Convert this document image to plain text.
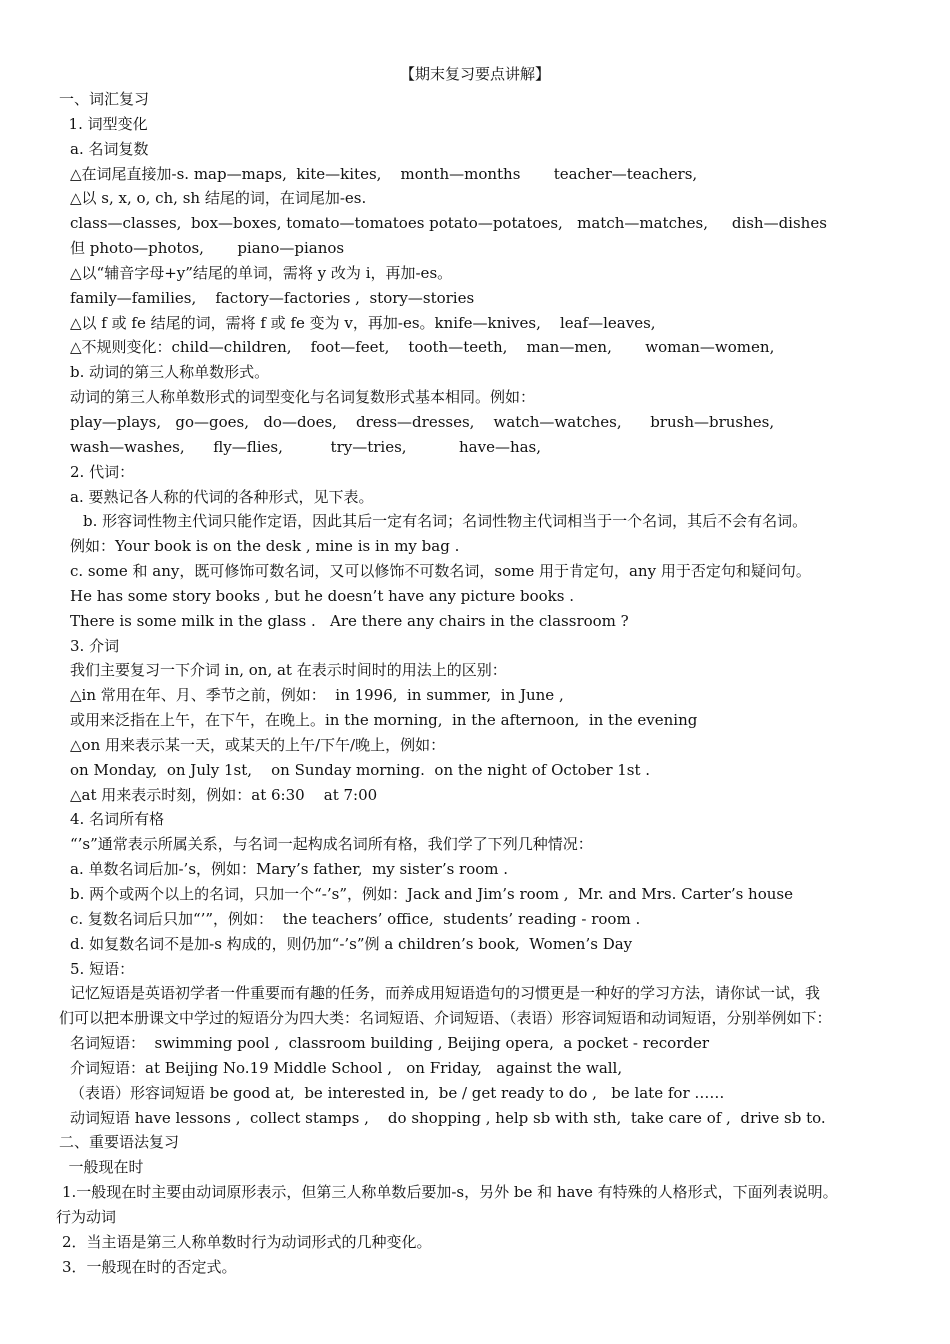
【期末复习要点讲解】
一、词汇复习
1. 词型变化
a. 名词复数
△在词尾直接加-s. map—maps,  kite—kites,    month—months       teacher—teachers,
△以 s, x, o, ch, sh 结尾的词，在词尾加-es.
class—classes,  box—boxes, tomato—tomatoes potato—potatoes,   match—matches,     dish—dishes
但 photo—photos,       piano—pianos
△以“辅音字母+y”结尾的单词，需将 y 改为 i，再加-es。
family—families,    factory—factories ,  story—stories
△以 f 或 fe 结尾的词，需将 f 或 fe 变为 v，再加-es。knife—knives,    leaf—leaves,
△不规则变化：child—children,    foot—feet,    tooth—teeth,    man—men,       woman—women,
b. 动词的第三人称单数形式。
动词的第三人称单数形式的词型变化与名词复数形式基本相同。例如：
play—plays,   go—goes,   do—does,    dress—dresses,    watch—watches,      brush—brushes,
wash—washes,      fly—flies,          try—tries,           have—has,
2. 代词：
a. 要熟记各人称的代词的各种形式，见下表。
b. 形容词性物主代词只能作定语，因此其后一定有名词；名词性物主代词相当于一个名词，其后不会有名词。
例如：Your book is on the desk , mine is in my bag .
c. some 和 any，既可修饰可数名词，又可以修饰不可数名词，some 用于肯定句，any 用于否定句和疑问句。
He has some story books , but he doesn’t have any picture books .
There is some milk in the glass .   Are there any chairs in the classroom ?
3. 介词
我们主要复习一下介词 in, on, at 在表示时间时的用法上的区别：
△in 常用在年、月、季节之前，例如：  in 1996,  in summer,  in June ,
或用来泛指在上午，在下午，在晚上。in the morning,  in the afternoon,  in the evening
△on 用来表示某一天，或某天的上午/下午/晚上，例如：
on Monday,  on July 1st,    on Sunday morning.  on the night of October 1st .
△at 用来表示时刻，例如：at 6:30    at 7:00
4. 名词所有格
“’s”通常表示所属关系，与名词一起构成名词所有格，我们学了下列几种情况：
a. 单数名词后加-’s，例如：Mary’s father,  my sister’s room .
b. 两个或两个以上的名词，只加一个“-’s”，例如：Jack and Jim’s room ,  Mr. and Mrs. Carter’s house
c. 复数名词后只加“’”，例如：  the teachers’ office,  students’ reading - room .
d. 如复数名词不是加-s 构成的，则仍加“-’s”例 a children’s book,  Women’s Day
5. 短语：
记忆短语是英语初学者一件重要而有趣的任务，而养成用短语造句的习惯更是一种好的学习方法，请你试一试，我
们可以把本册课文中学过的短语分为四大类：名词短语、介词短语、（表语）形容词短语和动词短语，分别举例如下：
名词短语：  swimming pool ,  classroom building , Beijing opera,  a pocket - recorder
介词短语：at Beijing No.19 Middle School ,   on Friday,   against the wall,
（表语）形容词短语 be good at,  be interested in,  be / get ready to do ,   be late for ……
动词短语 have lessons ,  collect stamps ,    do shopping , help sb with sth,  take care of ,  drive sb to.
二、重要语法复习
一般现在时
1.一般现在时主要由动词原形表示，但第三人称单数后要加-s，另外 be 和 have 有特殊的人格形式，下面列表说明。
行为动词
2．当主语是第三人称单数时行为动词形式的几种变化。
3．一般现在时的否定式。
